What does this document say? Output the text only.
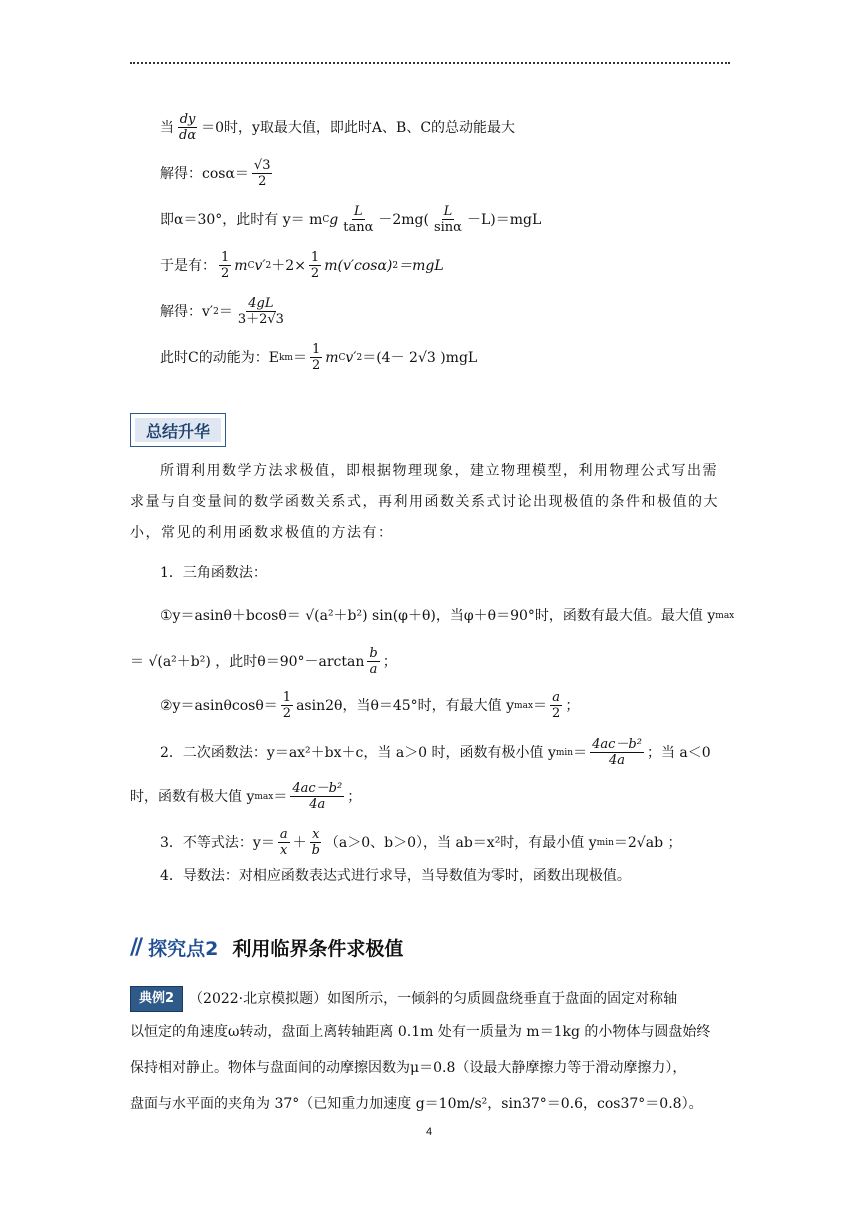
当 $\frac{dy}{d\alpha} =0$时，y取最大值，即此时A、B、C的总动能最大
解得：$\cos\alpha= \frac{√3}{2}$
即α＝30°，此时有 y＝ m C g $\frac{L}{\tan\alpha} -2mg( \frac{L}{\sin\alpha} -L)=mgL$
于是有： $\frac{1}{2}$ m C v′ $2 +2\times \frac{1}{2} m(v'\cos\alpha)$ 2 ＝mgL
解得：v′ $2 = \frac{4gL}{3+2√3}$
此时C的动能为：E km ＝ $\frac{1}{2}$ m C v′ 2 ＝(4－ 2√3 )mgL
总结升华
所谓利用数学方法求极值，即根据物理现象，建立物理模型，利用物理公式写出需求量与自变量间的数学函数关系式，再利用函数关系式讨论出现极值的条件和极值的大小，常见的利用函数求极值的方法有：
1．三角函数法：
①y＝asinθ＋bcosθ＝ √(a²＋b²) sin(φ＋θ)，当φ＋θ＝90°时，函数有最大值。最大值 y max
＝ √(a²＋b²) ，此时$\theta=90^\circ-\arctan \frac{b}{a}$ ；
②y＝asinθcosθ＝ $\frac{1}{2} asin2\theta$，当θ＝45°时，有最大值 y $\max = \frac{a}{2}$ ；
2．二次函数法：y＝ax²＋bx＋c，当 a＞0 时，函数有极小值 y $\min = \frac{\text{4ac－b²}}{4a}$ ；当 a＜0
时，函数有极大值 y $\max = \frac{\text{4ac－b²}}{4a}$ ；
3．不等式法：$y= \frac{a}{x} + \frac{x}{b} (a>0$、b＞0），当 ab＝x²时，有最小值 y min ＝2√ab ；
4．导数法：对相应函数表达式进行求导，当导数值为零时，函数出现极值。
// 探究点2 利用临界条件求极值
典例2	（2022·北京模拟题）如图所示，一倾斜的匀质圆盘绕垂直于盘面的固定对称轴
以恒定的角速度ω转动，盘面上离转轴距离 0.1m 处有一质量为 m＝1kg 的小物体与圆盘始终
保持相对静止。物体与盘面间的动摩擦因数为μ＝0.8（设最大静摩擦力等于滑动摩擦力），
盘面与水平面的夹角为 37°（已知重力加速度 g＝10m/s²，sin37°＝0.6，cos37°＝0.8）。
4
